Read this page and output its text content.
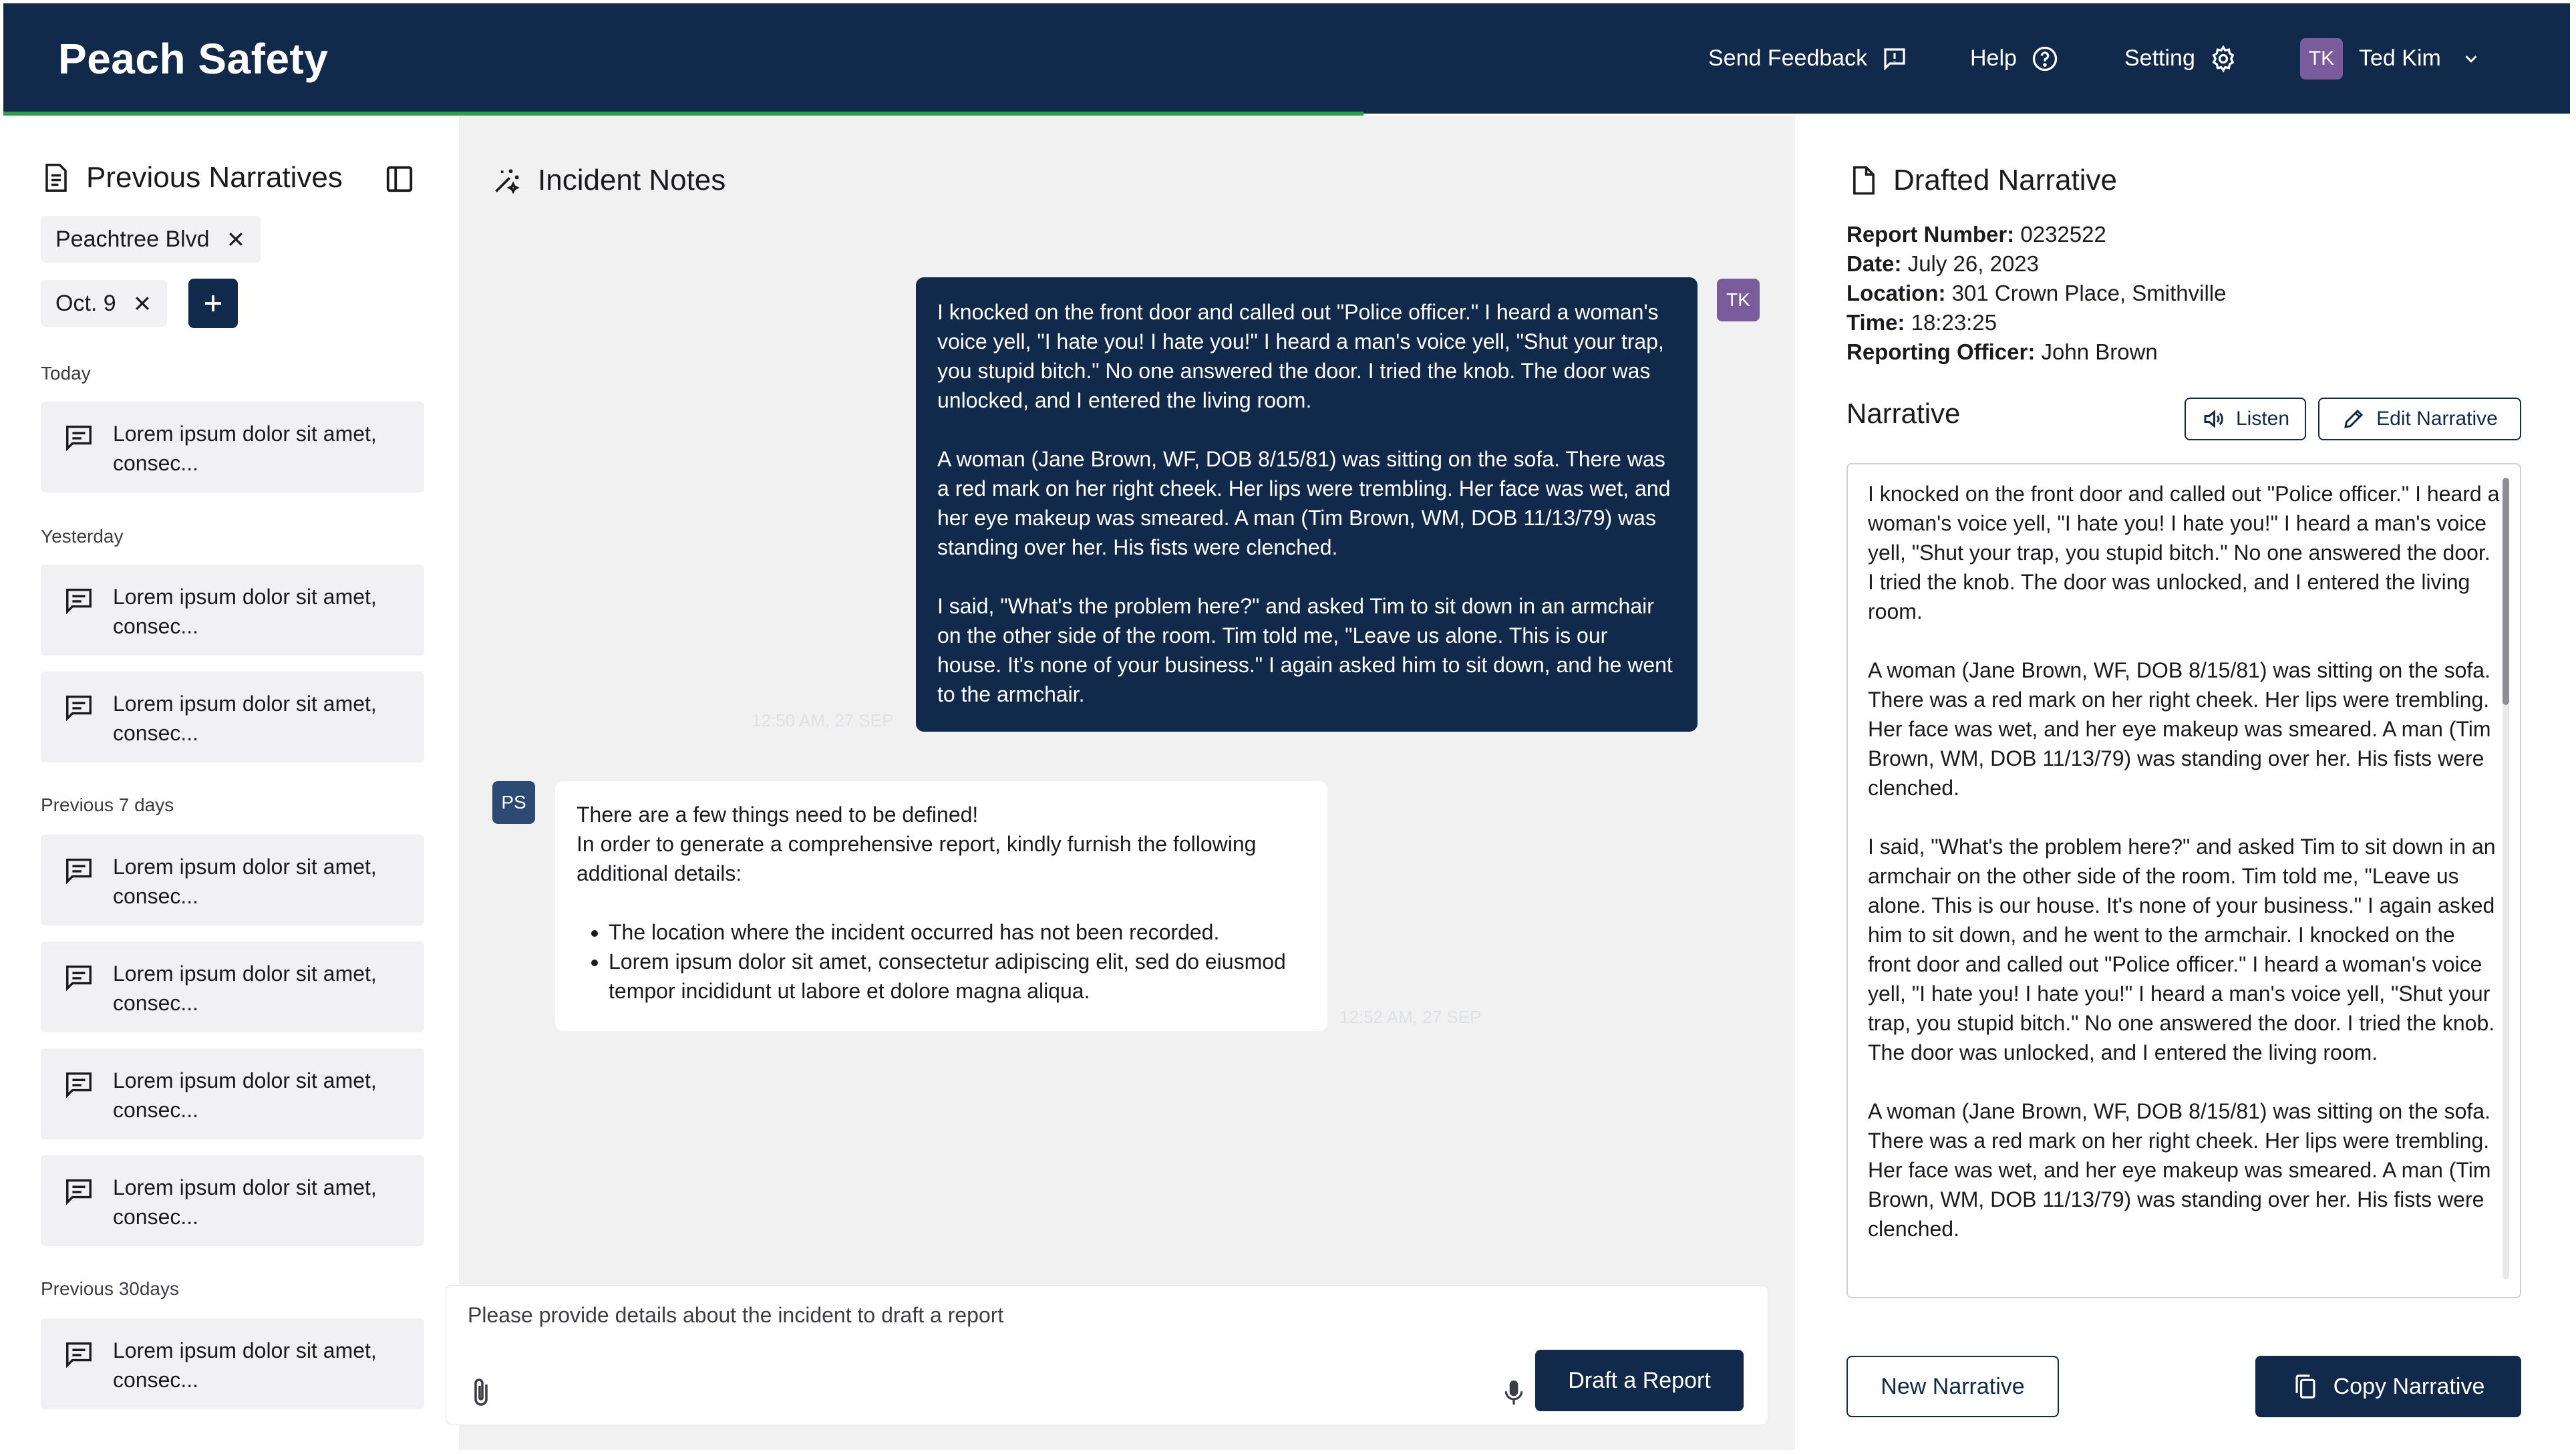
Peach Safety	Send Feedback	Help	Setting	TK	Ted Kim
Previous Narratives
Peachtree Blvd
Oct. 9
Today
Lorem ipsum dolor sit amet, consec...
Yesterday
Lorem ipsum dolor sit amet, consec...
Lorem ipsum dolor sit amet, consec...
Previous 7 days
Lorem ipsum dolor sit amet, consec...
Lorem ipsum dolor sit amet, consec...
Lorem ipsum dolor sit amet, consec...
Lorem ipsum dolor sit amet, consec...
Previous 30days
Lorem ipsum dolor sit amet, consec...
Incident Notes

I knocked on the front door and called out "Police officer." I heard a woman's voice yell, "I hate you! I hate you!" I heard a man's voice yell, "Shut your trap, you stupid bitch." No one answered the door. I tried the knob. The door was unlocked, and I entered the living room.

A woman (Jane Brown, WF, DOB 8/15/81) was sitting on the sofa. There was a red mark on her right cheek. Her lips were trembling. Her face was wet, and her eye makeup was smeared. A man (Tim Brown, WM, DOB 11/13/79) was standing over her. His fists were clenched.

I said, "What's the problem here?" and asked Tim to sit down in an armchair on the other side of the room. Tim told me, "Leave us alone. This is our house. It's none of your business." I again asked him to sit down, and he went to the armchair.

12:50 AM, 27 SEP
TK
PS
There are a few things need to be defined!
In order to generate a comprehensive report, kindly furnish the following additional details:
• The location where the incident occurred has not been recorded.
• Lorem ipsum dolor sit amet, consectetur adipiscing elit, sed do eiusmod tempor incididunt ut labore et dolore magna aliqua.
12:52 AM, 27 SEP
Please provide details about the incident to draft a report
Draft a Report
Drafted Narrative
Report Number: 0232522
Date: July 26, 2023
Location: 301 Crown Place, Smithville
Time: 18:23:25
Reporting Officer: John Brown
Narrative	Listen	Edit Narrative

I knocked on the front door and called out "Police officer." I heard a woman's voice yell, "I hate you! I hate you!" I heard a man's voice yell, "Shut your trap, you stupid bitch." No one answered the door. I tried the knob. The door was unlocked, and I entered the living room.

A woman (Jane Brown, WF, DOB 8/15/81) was sitting on the sofa. There was a red mark on her right cheek. Her lips were trembling. Her face was wet, and her eye makeup was smeared. A man (Tim Brown, WM, DOB 11/13/79) was standing over her. His fists were clenched.

I said, "What's the problem here?" and asked Tim to sit down in an armchair on the other side of the room. Tim told me, "Leave us alone. This is our house. It's none of your business." I again asked him to sit down, and he went to the armchair. I knocked on the front door and called out "Police officer." I heard a woman's voice yell, "I hate you! I hate you!" I heard a man's voice yell, "Shut your trap, you stupid bitch." No one answered the door. I tried the knob. The door was unlocked, and I entered the living room.

A woman (Jane Brown, WF, DOB 8/15/81) was sitting on the sofa. There was a red mark on her right cheek. Her lips were trembling. Her face was wet, and her eye makeup was smeared. A man (Tim Brown, WM, DOB 11/13/79) was standing over her. His fists were clenched.

New Narrative	Copy Narrative
